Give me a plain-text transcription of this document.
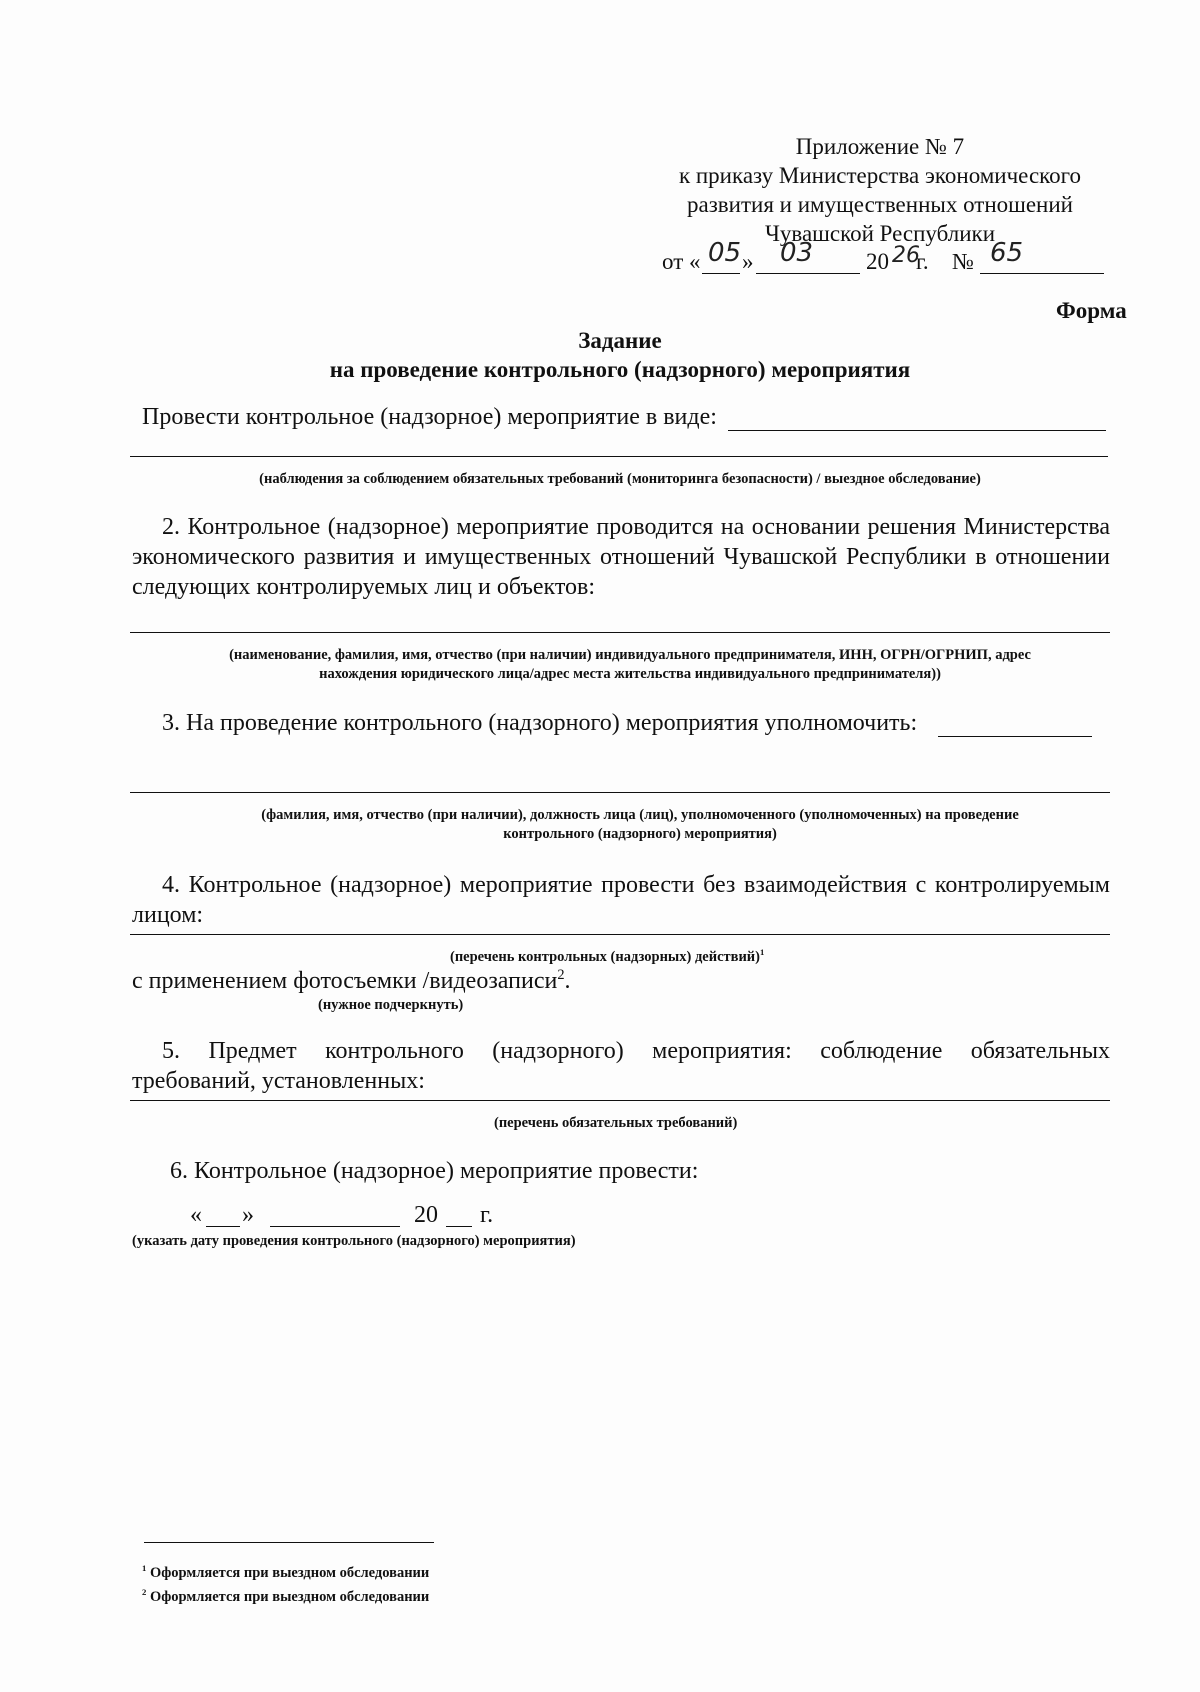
Приложение № 7
к приказу Министерства экономического
развития и имущественных отношений
Чувашской Республики
от « 05 » 03 20 26
г. № 65
Форма
Задание
на проведение контрольного (надзорного) мероприятия
Провести контрольное (надзорное) мероприятие в виде:
(наблюдения за соблюдением обязательных требований (мониторинга безопасности) / выездное обследование)
2. Контрольное (надзорное) мероприятие проводится на основании решения Министерства
экономического развития и имущественных отношений Чувашской Республики в отношении
следующих контролируемых лиц и объектов:
(наименование, фамилия, имя, отчество (при наличии) индивидуального предпринимателя, ИНН, ОГРН/ОГРНИП, адрес
нахождения юридического лица/адрес места жительства индивидуального предпринимателя))
3. На проведение контрольного (надзорного) мероприятия уполномочить:
(фамилия, имя, отчество (при наличии), должность лица (лиц), уполномоченного (уполномоченных) на проведение
контрольного (надзорного) мероприятия)
4. Контрольное (надзорное) мероприятие провести без взаимодействия с контролируемым
лицом:
(перечень контрольных (надзорных) действий)$^1$
с применением фотосъемки /видеозаписи$^2$.
(нужное подчеркнуть)
5. Предмет контрольного (надзорного) мероприятия: соблюдение обязательных
требований, установленных:
(перечень обязательных требований)
6. Контрольное (надзорное) мероприятие провести:
« »	20 г.
(указать дату проведения контрольного (надзорного) мероприятия)
$^1$ Оформляется при выездном обследовании
$^2$ Оформляется при выездном обследовании
